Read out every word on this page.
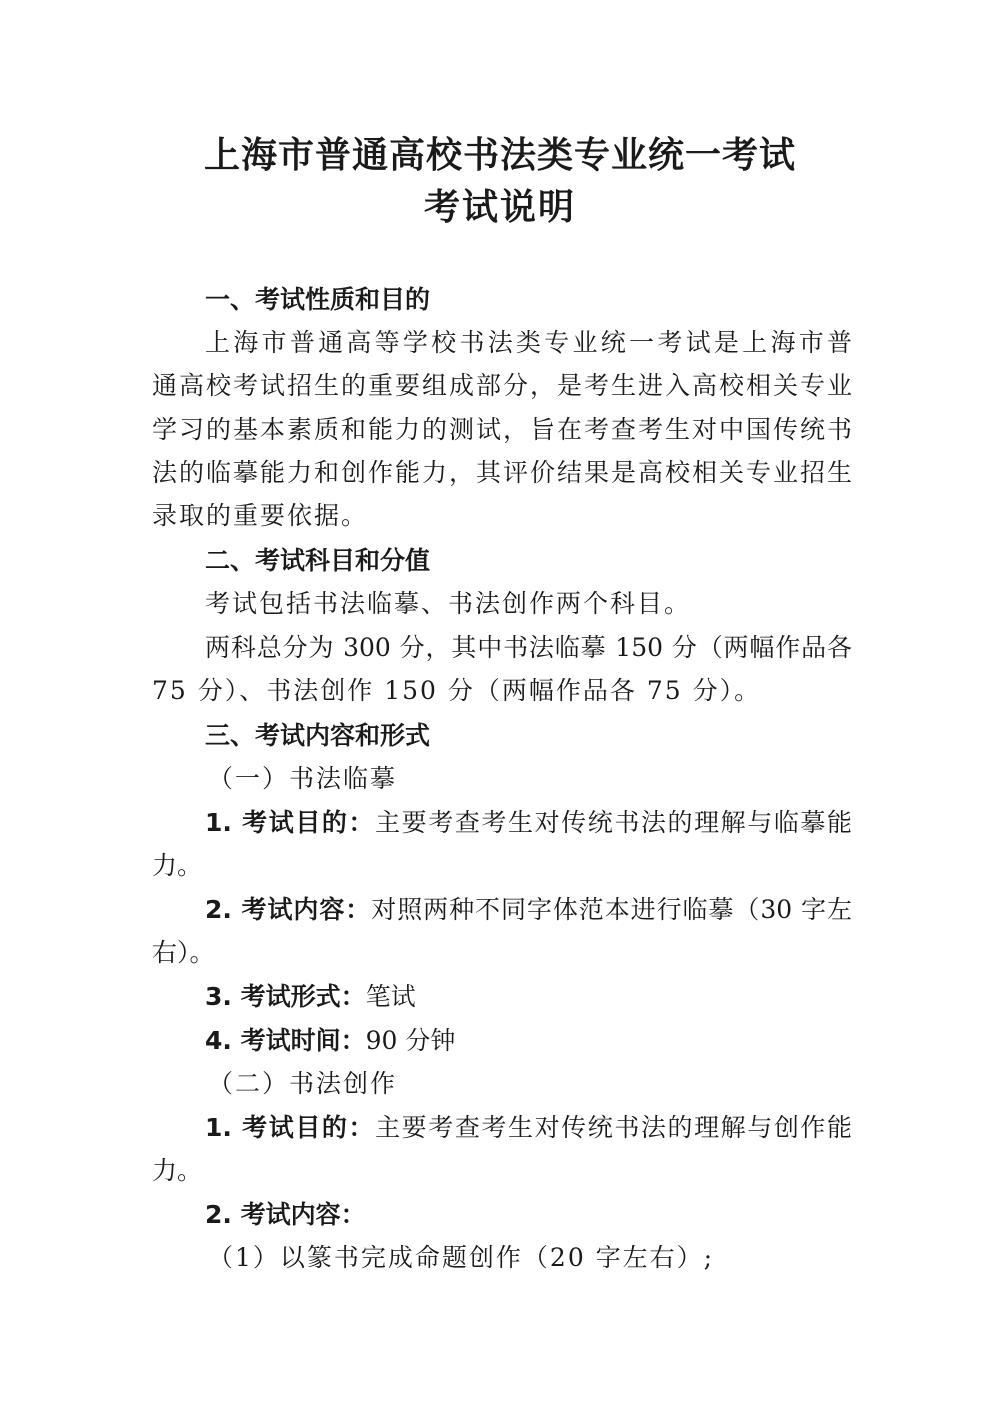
上海市普通高校书法类专业统一考试
考试说明
一、考试性质和目的
上海市普通高等学校书法类专业统一考试是上海市普
通高校考试招生的重要组成部分，是考生进入高校相关专业
学习的基本素质和能力的测试，旨在考查考生对中国传统书
法的临摹能力和创作能力，其评价结果是高校相关专业招生
录取的重要依据。
二、考试科目和分值
考试包括书法临摹、书法创作两个科目。
两科总分为 300 分，其中书法临摹 150 分（两幅作品各
75 分）、书法创作 150 分（两幅作品各 75 分）。
三、考试内容和形式
（一）书法临摹
1. 考试目的：主要考查考生对传统书法的理解与临摹能
力。
2. 考试内容：对照两种不同字体范本进行临摹（30 字左
右）。
3. 考试形式：笔试
4. 考试时间：90 分钟
（二）书法创作
1. 考试目的：主要考查考生对传统书法的理解与创作能
力。
2. 考试内容：
（1）以篆书完成命题创作（20 字左右）;
